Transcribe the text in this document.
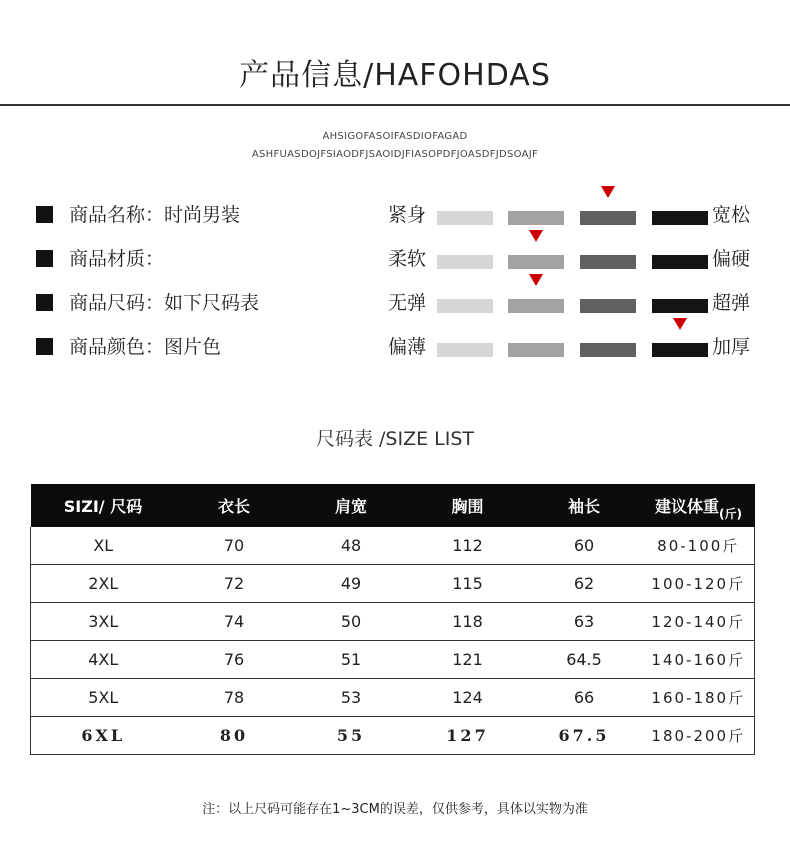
产品信息/HAFOHDAS
AHSIGOFASOIFASDIOFAGAD
ASHFUASDOJFSIAODFJSAOIDJFIASOPDFJOASDFJDSOAJF
商品名称：时尚男装
商品材质：
商品尺码：如下尺码表
商品颜色：图片色
紧身	宽松
柔软	偏硬
无弹	超弹
偏薄	加厚
尺码表 /SIZE LIST
SIZI/ 尺码	衣长	肩宽	胸围	袖长	建议体重$_{(斤)}$
XL	70	48	112	60	80-100斤
2XL	72	49	115	62	100-120斤
3XL	74	50	118	63	120-140斤
4XL	76	51	121	64.5	140-160斤
5XL	78	53	124	66	160-180斤
6XL	80	55	127	67.5	180-200斤
注：以上尺码可能存在1~3CM的误差，仅供参考，具体以实物为准
